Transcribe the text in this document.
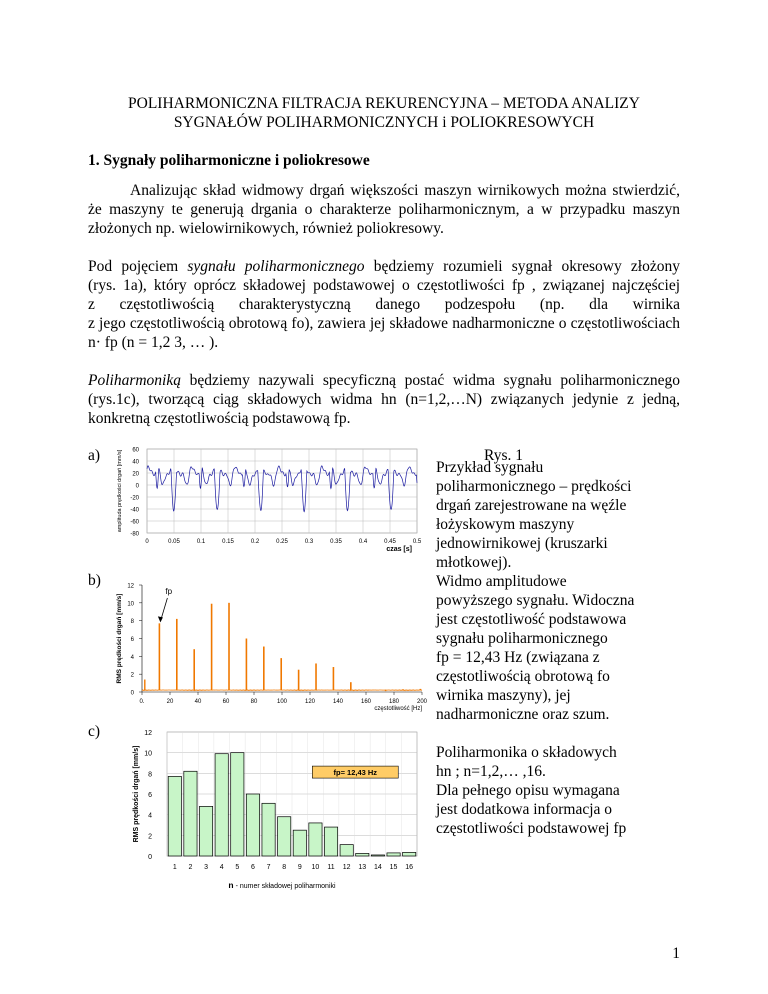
POLIHARMONICZNA FILTRACJA REKURENCYJNA – METODA ANALIZY
SYGNAŁÓW POLIHARMONICZNYCH i POLIOKRESOWYCH
1. Sygnały poliharmoniczne i poliokresowe
Analizując skład widmowy drgań większości maszyn wirnikowych można stwierdzić,
że maszyny te generują drgania o charakterze poliharmonicznym, a w przypadku maszyn
złożonych np. wielowirnikowych, również poliokresowy.
Pod pojęciem sygnału poliharmonicznego będziemy rozumieli sygnał okresowy złożony
(rys. 1a), który oprócz składowej podstawowej o częstotliwości fp , związanej najczęściej
z częstotliwością charakterystyczną danego podzespołu (np. dla wirnika
z jego częstotliwością obrotową fo), zawiera jej składowe nadharmoniczne o częstotliwościach
n· fp (n = 1,2 3, … ).
Poliharmoniką będziemy nazywali specyficzną postać widma sygnału poliharmonicznego
(rys.1c), tworzącą ciąg składowych widma hn (n=1,2,…N) związanych jedynie z jedną,
konkretną częstotliwością podstawową fp.
a)
b)
c)
Rys. 1
Przykład sygnału
poliharmonicznego – prędkości
drgań zarejestrowane na węźle
łożyskowym maszyny
jednowirnikowej (kruszarki
młotkowej).
Widmo amplitudowe
powyższego sygnału. Widoczna
jest częstotliwość podstawowa
sygnału poliharmonicznego
fp = 12,43 Hz (związana z
częstotliwością obrotową fo
wirnika maszyny), jej
nadharmoniczne oraz szum.
Poliharmonika o składowych
hn ; n=1,2,… ,16.
Dla pełnego opisu wymagana
jest dodatkowa informacja o
częstotliwości podstawowej fp
60
40
20
0
-20
-40
-60
-80
0	0.05	0.1	0.15	0.2	0.25	0.3	0.35	0.4	0.45	0.5
amplituda prędkości drgań [mm/s]
czas [s]
12
10
8
6
4
2
0
0.	20	40	60	80	100	120	140	160	180	200
fp
RMS prędkości drgań [mm/s]
częstotliwość [Hz]
12
10
8
6
4
2
0
1 2 3 4 5 6 7 8 9 10 11 12 13 14 15 16
fp= 12,43 Hz
RMS prędkości drgań [mm/s]
n - numer składowej poliharmoniki
1
